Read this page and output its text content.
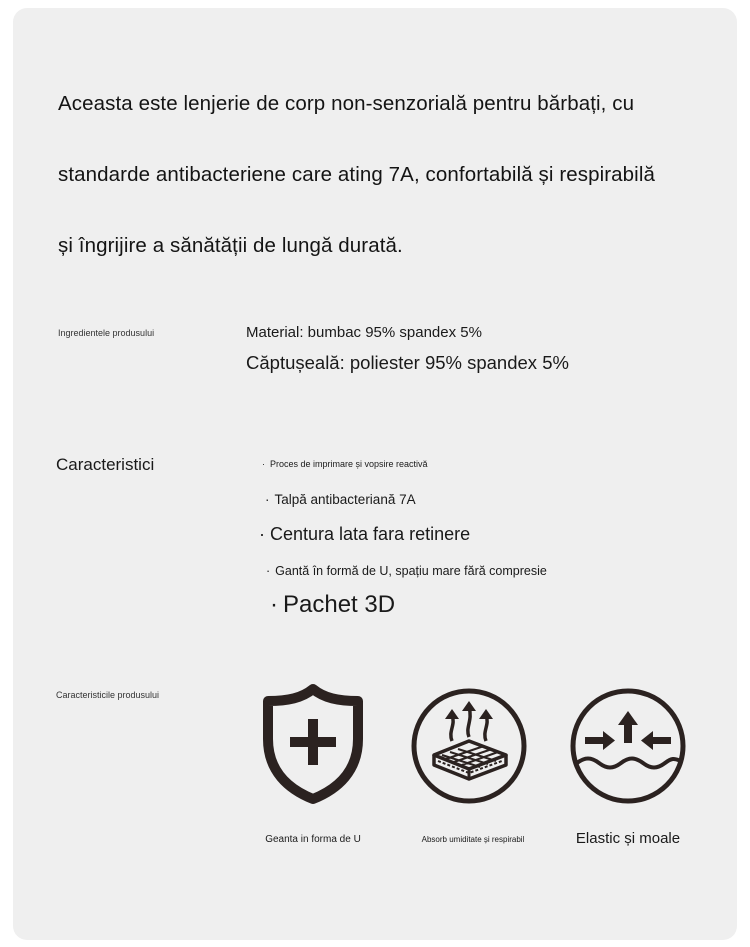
Aceasta este lenjerie de corp non-senzorială pentru bărbați, cu
standarde antibacteriene care ating 7A, confortabilă și respirabilă
și îngrijire a sănătății de lungă durată.

Ingredientele produsului	Material: bumbac 95% spandex 5%
Căptușeală: poliester 95% spandex 5%
Caracteristici	· Proces de imprimare și vopsire reactivă
· Talpă antibacteriană 7A
· Centura lata fara retinere
· Gantă în formă de U, spațiu mare fără compresie
· Pachet 3D
Caracteristicile produsului
Geanta in forma de U	Absorb umiditate și respirabil	Elastic și moale
